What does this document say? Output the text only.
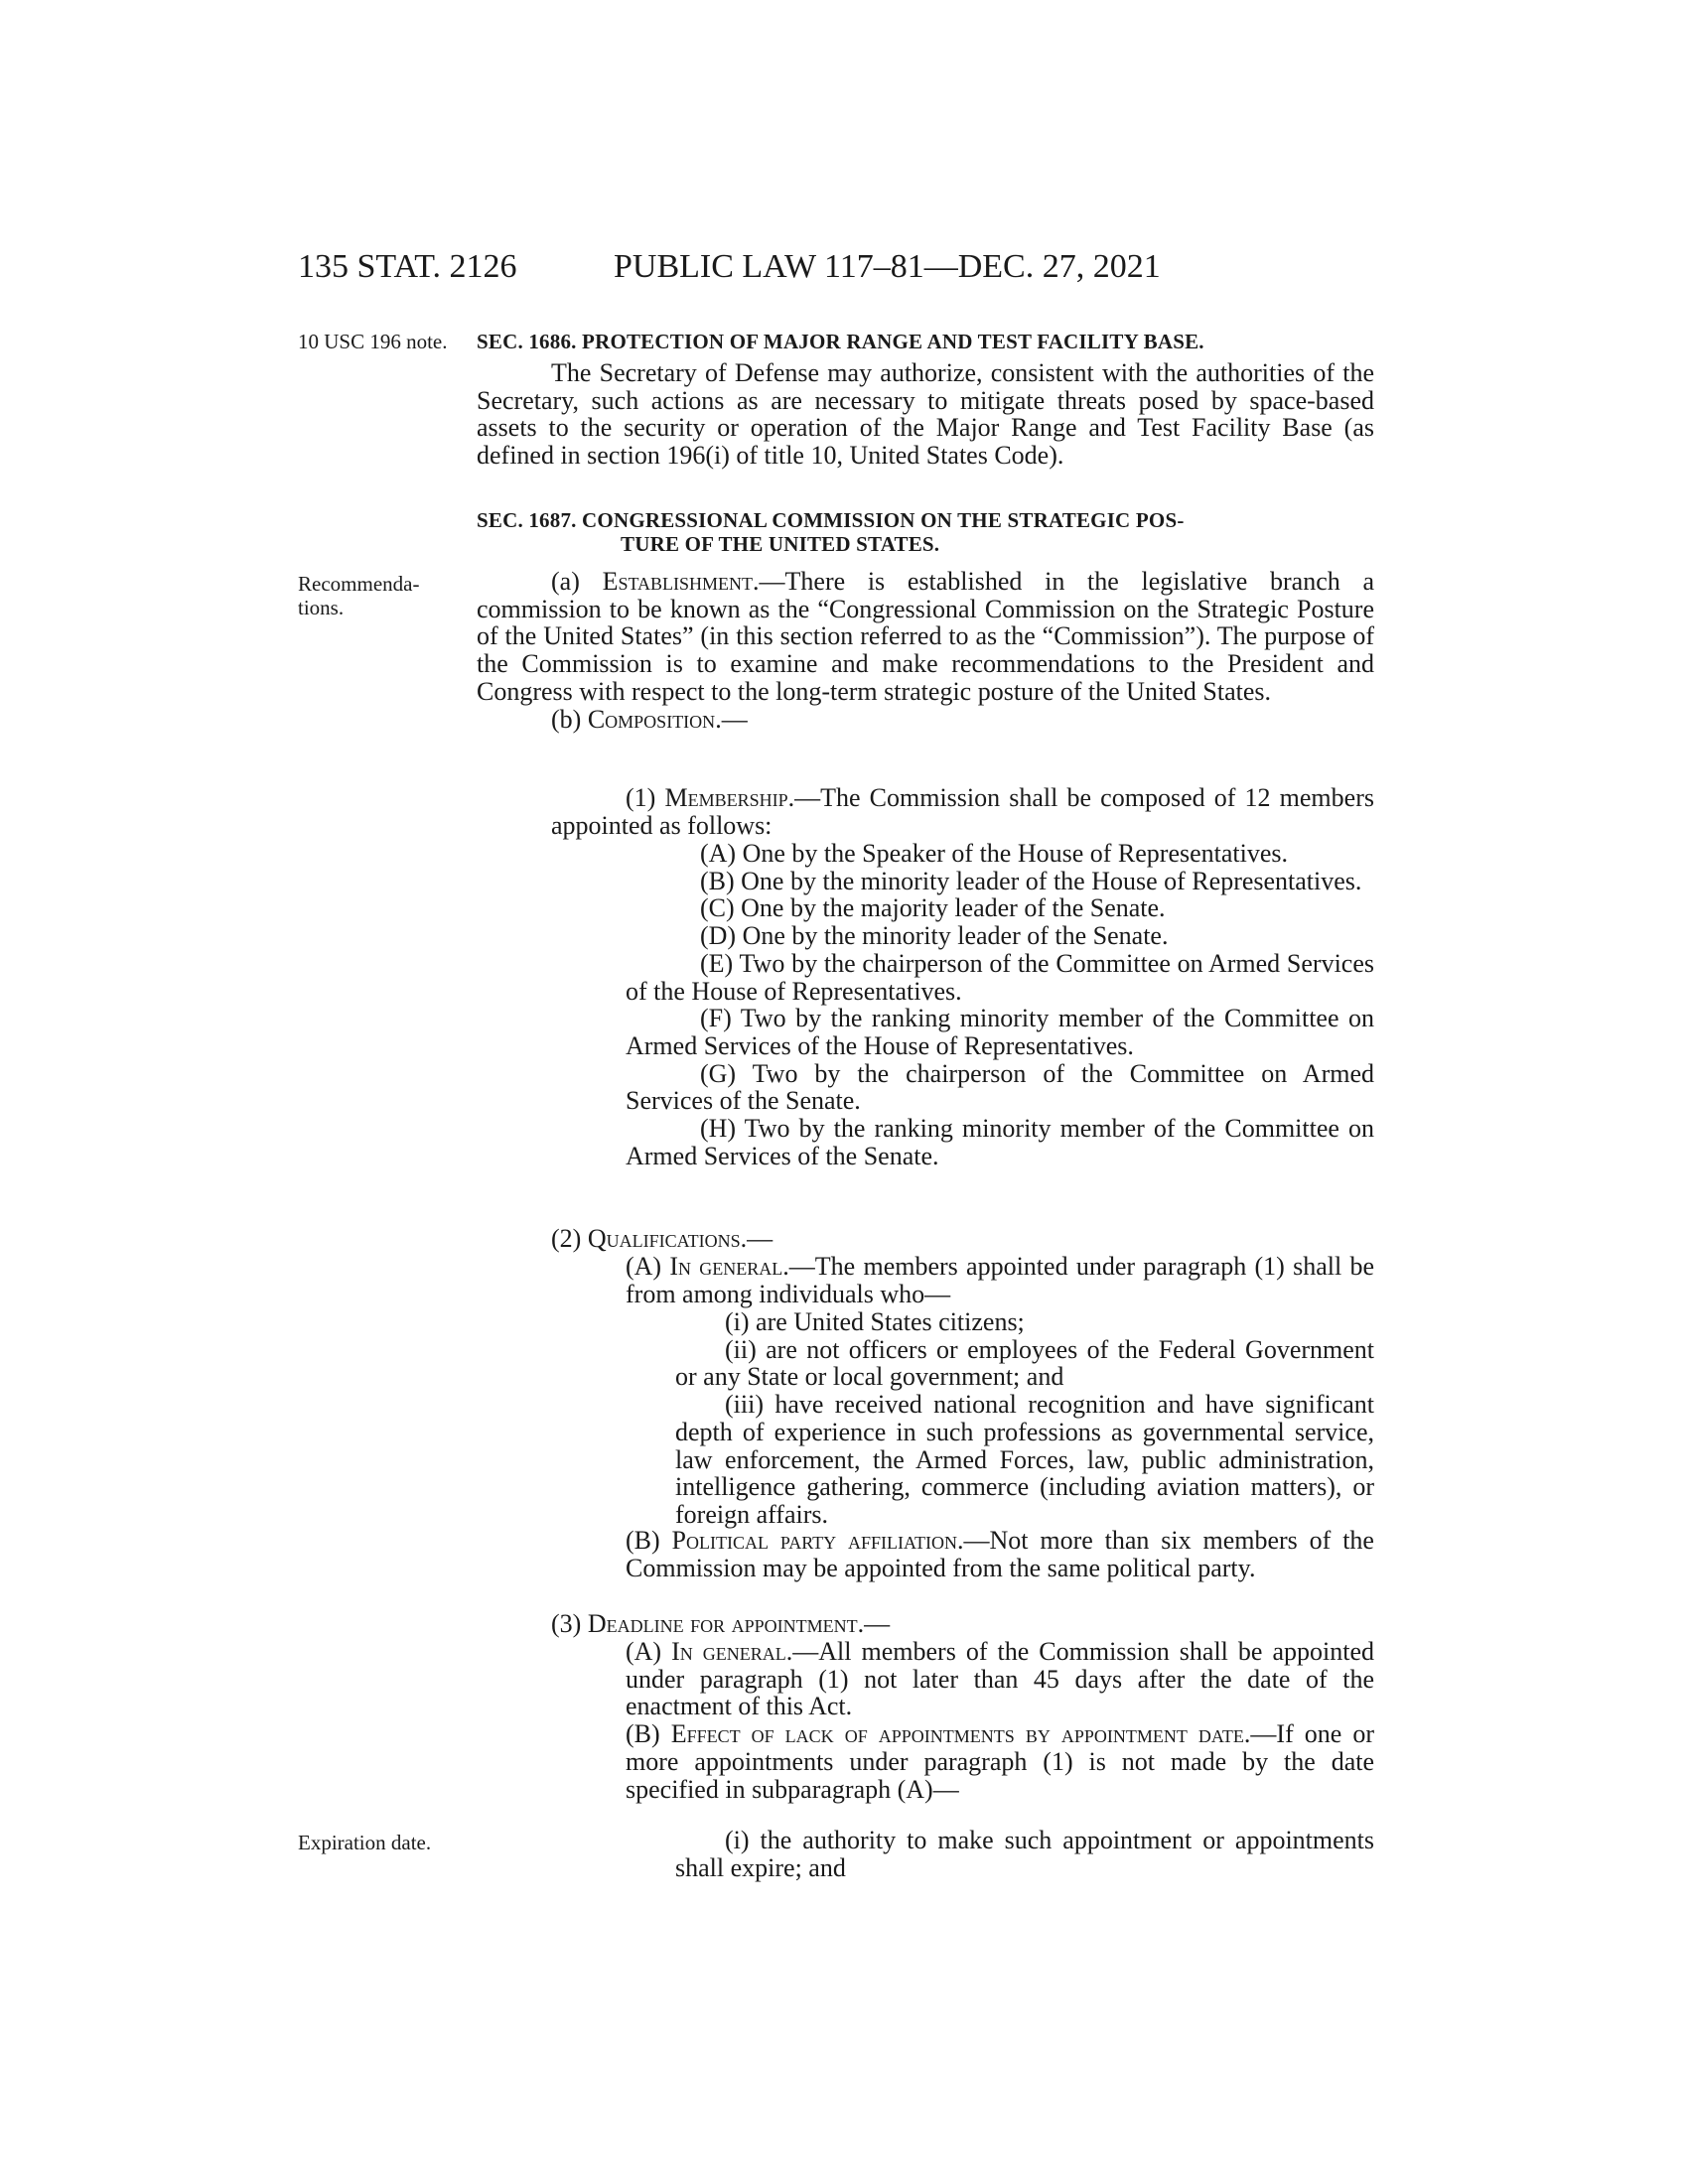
135 STAT. 2126	PUBLIC LAW 117–81—DEC. 27, 2021
10 USC 196 note. SEC. 1686. PROTECTION OF MAJOR RANGE AND TEST FACILITY BASE.

The Secretary of Defense may authorize, consistent with the authorities of the Secretary, such actions as are necessary to mitigate threats posed by space-based assets to the security or operation of the Major Range and Test Facility Base (as defined in section 196(i) of title 10, United States Code).

SEC. 1687. CONGRESSIONAL COMMISSION ON THE STRATEGIC POS-
TURE OF THE UNITED STATES.
Recommenda-
tions.

(a) Establishment.—There is established in the legislative branch a commission to be known as the “Congressional Commission on the Strategic Posture of the United States” (in this section referred to as the “Commission”). The purpose of the Commission is to examine and make recommendations to the President and Congress with respect to the long-term strategic posture of the United States.

(b) Composition.—

(1) Membership.—The Commission shall be composed of 12 members appointed as follows:

(A) One by the Speaker of the House of Representatives.

(B) One by the minority leader of the House of Representatives.

(C) One by the majority leader of the Senate.

(D) One by the minority leader of the Senate.

(E) Two by the chairperson of the Committee on Armed Services of the House of Representatives.

(F) Two by the ranking minority member of the Committee on Armed Services of the House of Representatives.

(G) Two by the chairperson of the Committee on Armed Services of the Senate.

(H) Two by the ranking minority member of the Committee on Armed Services of the Senate.

(2) Qualifications.—

(A) In general.—The members appointed under paragraph (1) shall be from among individuals who—

(i) are United States citizens;

(ii) are not officers or employees of the Federal Government or any State or local government; and

(iii) have received national recognition and have significant depth of experience in such professions as governmental service, law enforcement, the Armed Forces, law, public administration, intelligence gathering, commerce (including aviation matters), or foreign affairs.

(B) Political party affiliation.—Not more than six members of the Commission may be appointed from the same political party.

(3) Deadline for appointment.—

(A) In general.—All members of the Commission shall be appointed under paragraph (1) not later than 45 days after the date of the enactment of this Act.

(B) Effect of lack of appointments by appointment date.—If one or more appointments under paragraph (1) is not made by the date specified in subparagraph (A)—

Expiration date.	(i) the authority to make such appointment or appointments shall expire; and
